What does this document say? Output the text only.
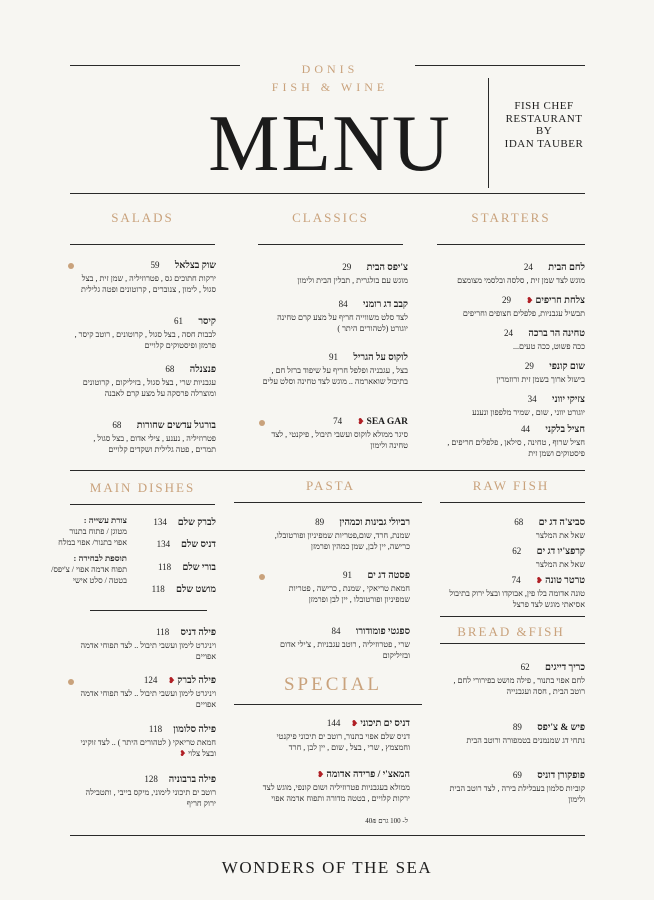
DONIS
FISH & WINE
MENU	FISH CHEF
RESTAURANT
BY
IDAN TAUBER
SALADS	CLASSICS	STARTERS
שוק בצלאל 59
ירקות חתוכים גס , פטרוזיליה , שמן זית , בצל סגול , לימון , צנוברים , קרוטונים ופטה גלילית
קיסר 61
לבבות חסה , בצל סגול , קרוטונים , רוטב קיסר , פרמזן ופיסטוקים קלויים
פנצנלה 68
עגבניות שרי , בצל סגול , בזיליקום , קרוטונים ומוצרלה פרסקה על מצע קרם לאבנה
בורגול עדשים שחורות 68
פטרוזיליה , נענע , צילי אדום , בצל סגול , תמרים , פטה גלילית ושקדים קלויים
צ'יפס הבית 29
מוגש עם בולגרית , תבלין הבית ולימון
קבב דג רומני 84
לצד סלט משווייה חריף על מצע קרם טחינה יוגורט (לטהורים היתר )
לוקוס על הגריל 91
בצל , עגבניה ופלפל חריף על שיפוד ברזל חם , בתיבול שואארמה .. מוגש לצד טחינה וסלט עלים
SEA GAR ❥ 74
סיגר ממולא לוקוס ועשבי תיבול , פיקנטי , לצד טחינה ולימון
לחם הבית 24
מוגש לצד שמן זית , סלסה ובלסמי מצומצם
צלחת חריפים ❥ 29
תבשיל עגבניות, פלפלים חצופים וחריפים
טחינה הר ברכה 24
ככה פשוט, ככה טעים...
שום קונפי 29
בישול ארוך בשמן זית ורוזמרין
צזיקי יווני 34
יוגורט יווני , שום , שמיר מלפפון ונענע
חציל בלקני 44
חציל שרוף , טחינה , סילאן , פלפלים חריפים , פיסטוקים ושמן זית
MAIN DISHES	PASTA	RAW FISH
צורת עשייה :
מטוגן / פתוח בתנור
אפוי בתנור/ אפוי במלח
תוספת לבחירה :
תפוח אדמה אפוי / צ'יפס/
בטטה / סלט אישי
לברק שלם 134
דניס שלם 134
בורי שלם 118
מושט שלם 118
פילה דניס 118
ויניגרט לימון ועשבי תיבול .. לצד תפוחי אדמה אפויים
פילה לברק ❥ 124
ויניגרט לימון ועשבי תיבול .. לצד תפוחי אדמה אפויים
פילה סלומון 118
חמאת טריאקי ( לטהורים היתר ) .. לצד זוקיני ובצל צלוי ❥
פילה ברבוניה 128
רוטב ים תיכוני לימוני, מיקס בייבי , ותטבילה ירוק חריף
רביולי גבינות וכמהין 89
שמנת, חרד, שום,פטריות שמפיניון ופורטובלו, כרישה, יין לבן, שמן כמהין ופרמזן
פסטה דג ים 91
חמאת טריאקי , שמנת , כרישה , פטריות שמפיניון ופורטובלו , יין לבן ופרמזן
ספגטי פומודורו 84
שרי , פטרוזיליה , רוטב עגבניות , צ'ילי אדום ובזיליקום
SPECIAL
דניס ים תיכוני ❥ 144
דניס שלם אפוי בתנור, רוטב ים תיכוני פיקנטי וחמצמץ , שרי , בצל , שום , יין לבן , חרד
המאצ'י / פרידה אדומה ❥
ממולא בעגבניות פטרוזיליה ושום קונפי, מוגש לצד ירקות קלויים , בטטה מדורה ותפוח אדמה אפוי
ל- 100 גרם 40₪
סביצ'ה דג ים 68
שאל את המלצר
קרפצ'יו דג ים 62
שאל את המלצר
טרטר טונה ❥ 74
טונה אדומה בלו פין, אבוקדו ובצל ירוק בתיבול אסיאתי מוגש לצד פרצל
BREAD &FISH
כריך דייגים 62
לחם אפוי בתנור , פילה מושט בפירורי לחם , רוטב הבית , חסה ועגבנייה
פיש & צ'יפס 89
נתחי דג שמנמנים בטמפורה ורוטב הבית
פופקורן דוניס 69
קוביות סלמון בעבלילת בירה , לצד רוטב הבית ולימון
WONDERS OF THE SEA
